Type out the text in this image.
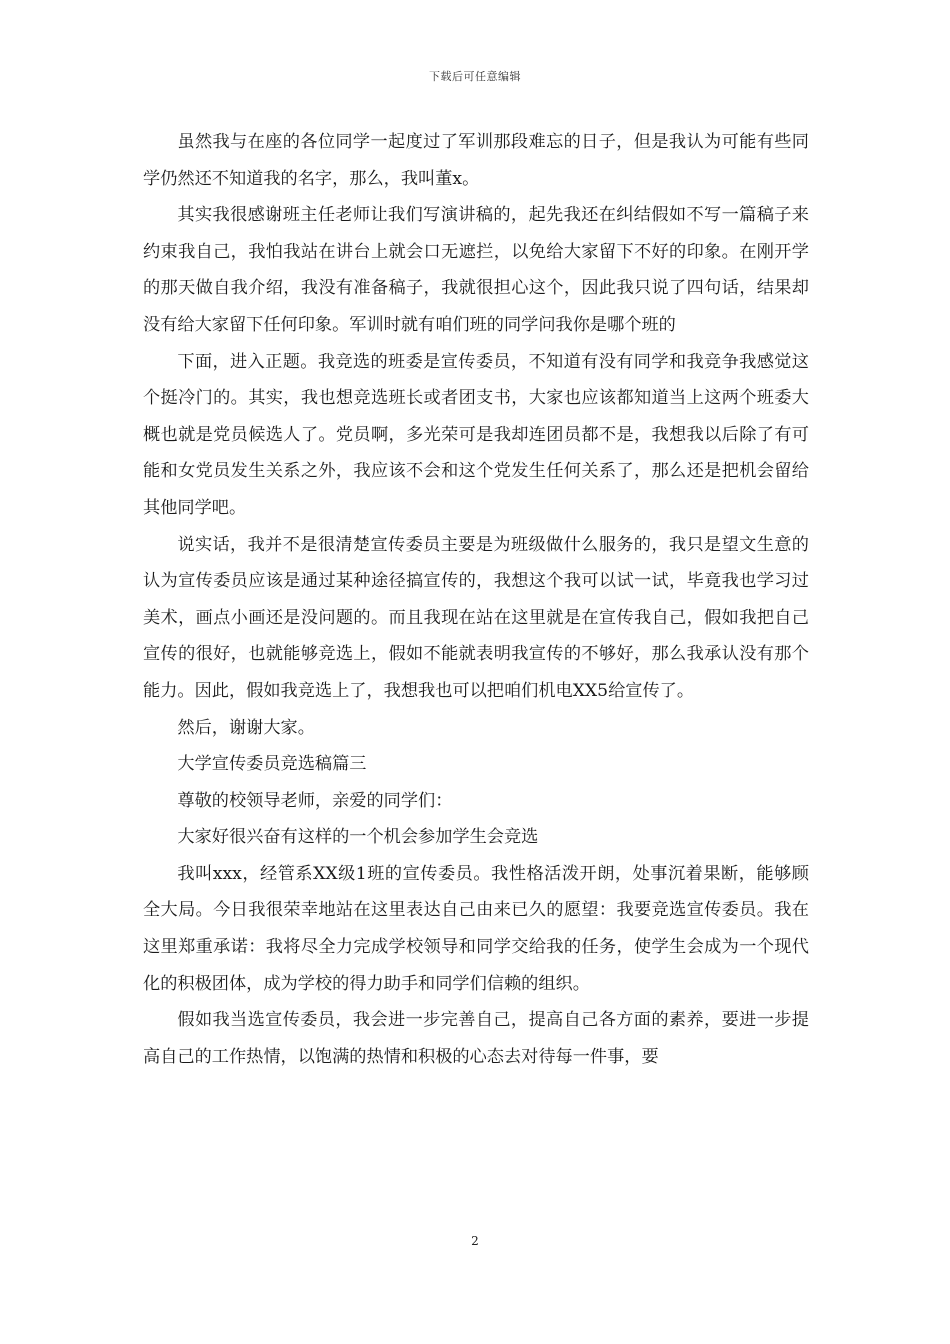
下载后可任意编辑

虽然我与在座的各位同学一起度过了军训那段难忘的日子，但是我认为可能有些同学仍然还不知道我的名字，那么，我叫董x。

其实我很感谢班主任老师让我们写演讲稿的，起先我还在纠结假如不写一篇稿子来约束我自己，我怕我站在讲台上就会口无遮拦，以免给大家留下不好的印象。在刚开学的那天做自我介绍，我没有准备稿子，我就很担心这个，因此我只说了四句话，结果却没有给大家留下任何印象。军训时就有咱们班的同学问我你是哪个班的

下面，进入正题。我竞选的班委是宣传委员，不知道有没有同学和我竞争我感觉这个挺冷门的。其实，我也想竞选班长或者团支书，大家也应该都知道当上这两个班委大概也就是党员候选人了。党员啊，多光荣可是我却连团员都不是，我想我以后除了有可能和女党员发生关系之外，我应该不会和这个党发生任何关系了，那么还是把机会留给其他同学吧。

说实话，我并不是很清楚宣传委员主要是为班级做什么服务的，我只是望文生意的认为宣传委员应该是通过某种途径搞宣传的，我想这个我可以试一试，毕竟我也学习过美术，画点小画还是没问题的。而且我现在站在这里就是在宣传我自己，假如我把自己宣传的很好，也就能够竞选上，假如不能就表明我宣传的不够好，那么我承认没有那个能力。因此，假如我竞选上了，我想我也可以把咱们机电XX5给宣传了。

然后，谢谢大家。

大学宣传委员竞选稿篇三

尊敬的校领导老师，亲爱的同学们：

大家好很兴奋有这样的一个机会参加学生会竞选

我叫xxx，经管系XX级1班的宣传委员。我性格活泼开朗，处事沉着果断，能够顾全大局。今日我很荣幸地站在这里表达自己由来已久的愿望：我要竞选宣传委员。我在这里郑重承诺：我将尽全力完成学校领导和同学交给我的任务，使学生会成为一个现代化的积极团体，成为学校的得力助手和同学们信赖的组织。

假如我当选宣传委员，我会进一步完善自己，提高自己各方面的素养，要进一步提高自己的工作热情，以饱满的热情和积极的心态去对待每一件事，要

2
